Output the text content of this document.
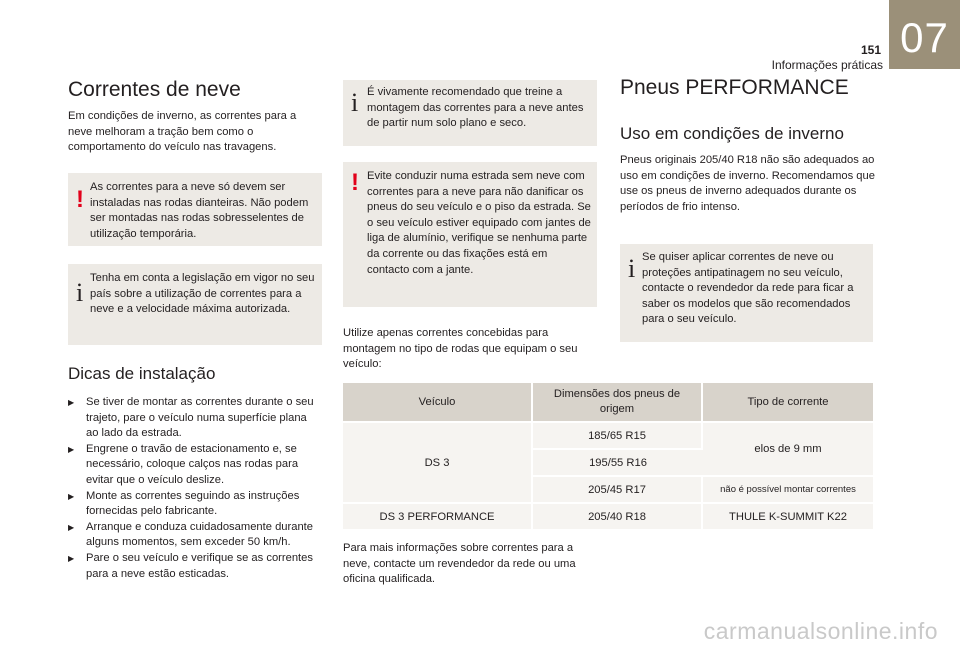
07
151
Informações práticas
Correntes de neve
Em condições de inverno, as correntes para a neve melhoram a tração bem como o comportamento do veículo nas travagens.
! As correntes para a neve só devem ser instaladas nas rodas dianteiras. Não podem ser montadas nas rodas sobresselentes de utilização temporária.
i Tenha em conta a legislação em vigor no seu país sobre a utilização de correntes para a neve e a velocidade máxima autorizada.
Dicas de instalação
▶ Se tiver de montar as correntes durante o seu trajeto, pare o veículo numa superfície plana ao lado da estrada.
▶ Engrene o travão de estacionamento e, se necessário, coloque calços nas rodas para evitar que o veículo deslize.
▶ Monte as correntes seguindo as instruções fornecidas pelo fabricante.
▶ Arranque e conduza cuidadosamente durante alguns momentos, sem exceder 50 km/h.
▶ Pare o seu veículo e verifique se as correntes para a neve estão esticadas.
i É vivamente recomendado que treine a montagem das correntes para a neve antes de partir num solo plano e seco.
! Evite conduzir numa estrada sem neve com correntes para a neve para não danificar os pneus do seu veículo e o piso da estrada. Se o seu veículo estiver equipado com jantes de liga de alumínio, verifique se nenhuma parte da corrente ou das fixações está em contacto com a jante.
Utilize apenas correntes concebidas para montagem no tipo de rodas que equipam o seu veículo:
Veículo	Dimensões dos pneus de origem	Tipo de corrente
DS 3	185/65 R15	elos de 9 mm
	195/55 R16	
	205/45 R17	não é possível montar correntes
DS 3 PERFORMANCE	205/40 R18	THULE K-SUMMIT K22
Para mais informações sobre correntes para a neve, contacte um revendedor da rede ou uma oficina qualificada.
Pneus PERFORMANCE
Uso em condições de inverno
Pneus originais 205/40 R18 não são adequados ao uso em condições de inverno. Recomendamos que use os pneus de inverno adequados durante os períodos de frio intenso.
i Se quiser aplicar correntes de neve ou proteções antipatinagem no seu veículo, contacte o revendedor da rede para ficar a saber os modelos que são recomendados para o seu veículo.
carmanualsonline.info
